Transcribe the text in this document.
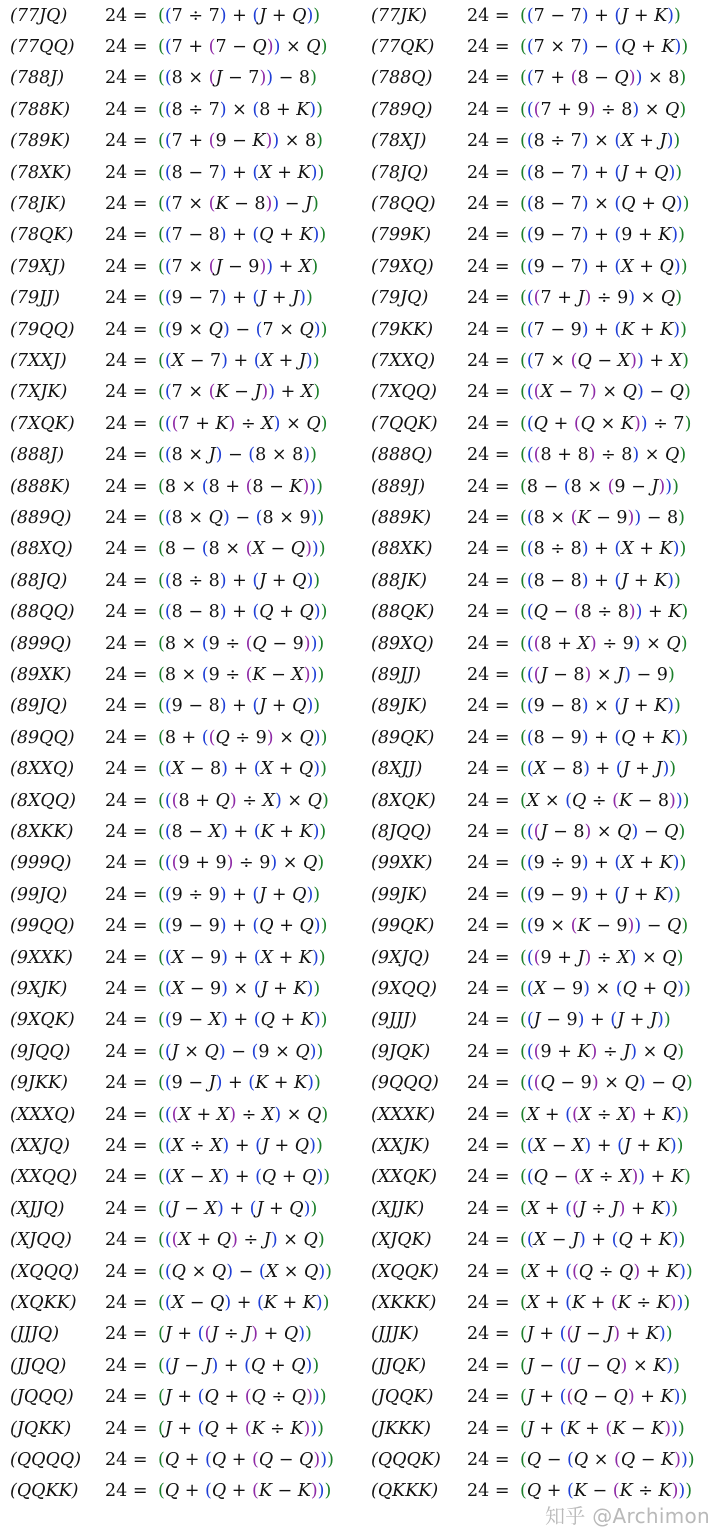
(77JQ) 24 = ((7 ÷ 7) + (J + Q))	(77JK) 24 = ((7 − 7) + (J + K))
(77QQ) 24 = ((7 + (7 − Q)) × Q) (77QK) 24 = ((7 × 7) − (Q + K))
(788J) 24 = ((8 × (J − 7)) − 8)	(788Q) 24 = ((7 + (8 − Q)) × 8)
(788K) 24 = ((8 ÷ 7) × (8 + K))	(789Q) 24 = (((7 + 9) ÷ 8) × Q)
(789K) 24 = ((7 + (9 − K)) × 8)	(78XJ) 24 = ((8 ÷ 7) × (X + J))
(78XK) 24 = ((8 − 7) + (X + K))	(78JQ) 24 = ((8 − 7) + (J + Q))
(78JK) 24 = ((7 × (K − 8)) − J)	(78QQ) 24 = ((8 − 7) × (Q + Q))
(78QK) 24 = ((7 − 8) + (Q + K))	(799K) 24 = ((9 − 7) + (9 + K))
(79XJ) 24 = ((7 × (J − 9)) + X)	(79XQ) 24 = ((9 − 7) + (X + Q))
(79JJ)	24 = ((9 − 7) + (J + J))	(79JQ) 24 = (((7 + J) ÷ 9) × Q)
(79QQ) 24 = ((9 × Q) − (7 × Q)) (79KK) 24 = ((7 − 9) + (K + K))
(7XXJ) 24 = ((X − 7) + (X + J))	(7XXQ) 24 = ((7 × (Q − X)) + X)
(7XJK) 24 = ((7 × (K − J)) + X)	(7XQQ) 24 = (((X − 7) × Q) − Q)
(7XQK) 24 = (((7 + K) ÷ X) × Q) (7QQK) 24 = ((Q + (Q × K)) ÷ 7)
(888J) 24 = ((8 × J) − (8 × 8))	(888Q) 24 = (((8 + 8) ÷ 8) × Q)
(888K) 24 = (8 × (8 + (8 − K)))	(889J) 24 = (8 − (8 × (9 − J)))
(889Q) 24 = ((8 × Q) − (8 × 9))	(889K) 24 = ((8 × (K − 9)) − 8)
(88XQ) 24 = (8 − (8 × (X − Q)))	(88XK) 24 = ((8 ÷ 8) + (X + K))
(88JQ) 24 = ((8 ÷ 8) + (J + Q))	(88JK) 24 = ((8 − 8) + (J + K))
(88QQ) 24 = ((8 − 8) + (Q + Q)) (88QK) 24 = ((Q − (8 ÷ 8)) + K)
(899Q) 24 = (8 × (9 ÷ (Q − 9)))	(89XQ) 24 = (((8 + X) ÷ 9) × Q)
(89XK) 24 = (8 × (9 ÷ (K − X)))	(89JJ)	24 = (((J − 8) × J) − 9)
(89JQ) 24 = ((9 − 8) + (J + Q))	(89JK) 24 = ((9 − 8) × (J + K))
(89QQ) 24 = (8 + ((Q ÷ 9) × Q)) (89QK) 24 = ((8 − 9) + (Q + K))
(8XXQ) 24 = ((X − 8) + (X + Q))	(8XJJ)	24 = ((X − 8) + (J + J))
(8XQQ) 24 = (((8 + Q) ÷ X) × Q) (8XQK) 24 = (X × (Q ÷ (K − 8)))
(8XKK) 24 = ((8 − X) + (K + K))	(8JQQ) 24 = (((J − 8) × Q) − Q)
(999Q) 24 = (((9 + 9) ÷ 9) × Q)	(99XK) 24 = ((9 ÷ 9) + (X + K))
(99JQ) 24 = ((9 ÷ 9) + (J + Q))	(99JK) 24 = ((9 − 9) + (J + K))
(99QQ) 24 = ((9 − 9) + (Q + Q)) (99QK) 24 = ((9 × (K − 9)) − Q)
(9XXK) 24 = ((X − 9) + (X + K))	(9XJQ) 24 = (((9 + J) ÷ X) × Q)
(9XJK) 24 = ((X − 9) × (J + K))	(9XQQ) 24 = ((X − 9) × (Q + Q))
(9XQK) 24 = ((9 − X) + (Q + K)) (9JJJ)	24 = ((J − 9) + (J + J))
(9JQQ) 24 = ((J × Q) − (9 × Q))	(9JQK) 24 = (((9 + K) ÷ J) × Q)
(9JKK) 24 = ((9 − J) + (K + K))	(9QQQ) 24 = (((Q − 9) × Q) − Q)
(XXXQ) 24 = (((X + X) ÷ X) × Q) (XXXK) 24 = (X + ((X ÷ X) + K))
(XXJQ) 24 = ((X ÷ X) + (J + Q))	(XXJK) 24 = ((X − X) + (J + K))
(XXQQ) 24 = ((X − X) + (Q + Q)) (XXQK) 24 = ((Q − (X ÷ X)) + K)
(XJJQ) 24 = ((J − X) + (J + Q))	(XJJK) 24 = (X + ((J ÷ J) + K))
(XJQQ) 24 = (((X + Q) ÷ J) × Q)	(XJQK) 24 = ((X − J) + (Q + K))
(XQQQ) 24 = ((Q × Q) − (X × Q)) (XQQK) 24 = (X + ((Q ÷ Q) + K))
(XQKK) 24 = ((X − Q) + (K + K)) (XKKK) 24 = (X + (K + (K ÷ K)))
(JJJQ)	24 = (J + ((J ÷ J) + Q))	(JJJK)	24 = (J + ((J − J) + K))
(JJQQ) 24 = ((J − J) + (Q + Q))	(JJQK) 24 = (J − ((J − Q) × K))
(JQQQ) 24 = (J + (Q + (Q ÷ Q)))	(JQQK) 24 = (J + ((Q − Q) + K))
(JQKK) 24 = (J + (Q + (K ÷ K)))	(JKKK) 24 = (J + (K + (K − K)))
(QQQQ) 24 = (Q + (Q + (Q − Q))) (QQQK) 24 = (Q − (Q × (Q − K)))
(QQKK) 24 = (Q + (Q + (K − K))) (QKKK) 24 = (Q + (K − (K ÷ K)))
知乎 @Archimon
